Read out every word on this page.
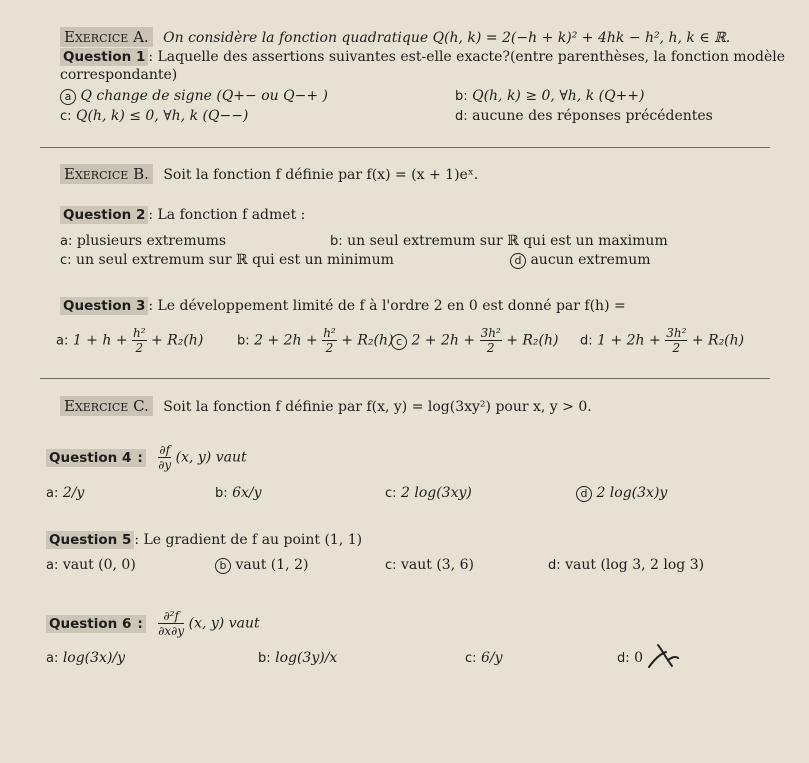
Exercice A. On considère la fonction quadratique Q(h, k) = 2(−h + k)² + 4hk − h², h, k ∈ ℝ.
Question 1 : Laquelle des assertions suivantes est-elle exacte?(entre parenthèses, la fonction modèle
correspondante)
a Q change de signe (Q+− ou Q−+ )	b: Q(h, k) ≥ 0, ∀h, k (Q++)
c: Q(h, k) ≤ 0, ∀h, k (Q−−)	d: aucune des réponses précédentes
Exercice B. Soit la fonction f définie par f(x) = (x + 1)eˣ.
Question 2 : La fonction f admet :
a: plusieurs extremums	b: un seul extremum sur ℝ qui est un maximum
c: un seul extremum sur ℝ qui est un minimum	d aucun extremum
Question 3 : Le développement limité de f à l'ordre 2 en 0 est donné par f(h) =
a: $1 + h + \frac{\text{h²}}{2} + R_2(h)$	b: $2 + 2h + \frac{\text{h²}}{2} + R_2(h)$ c $2 + 2h + \frac{\text{3h²}}{2} + R_2(h)$ d: $1 + 2h + \frac{\text{3h²}}{2} + R_2(h)$
Exercice C. Soit la fonction f définie par f(x, y) = log(3xy²) pour x, y > 0.
Question 4 : $\frac{\partial f}{\partial y} (x$, y) vaut
a: 2/y	b: 6x/y	c: 2 log(3xy)	d 2 log(3x)y
Question 5 : Le gradient de f au point (1, 1)
a: vaut (0, 0)	b vaut (1, 2)	c: vaut (3, 6)	d: vaut (log 3, 2 log 3)
Question 6 : $\frac{\text{∂²f}}{\partial x\partial y} (x$, y) vaut
a: log(3x)/y	b: log(3y)/x	c: 6/y	d: 0
